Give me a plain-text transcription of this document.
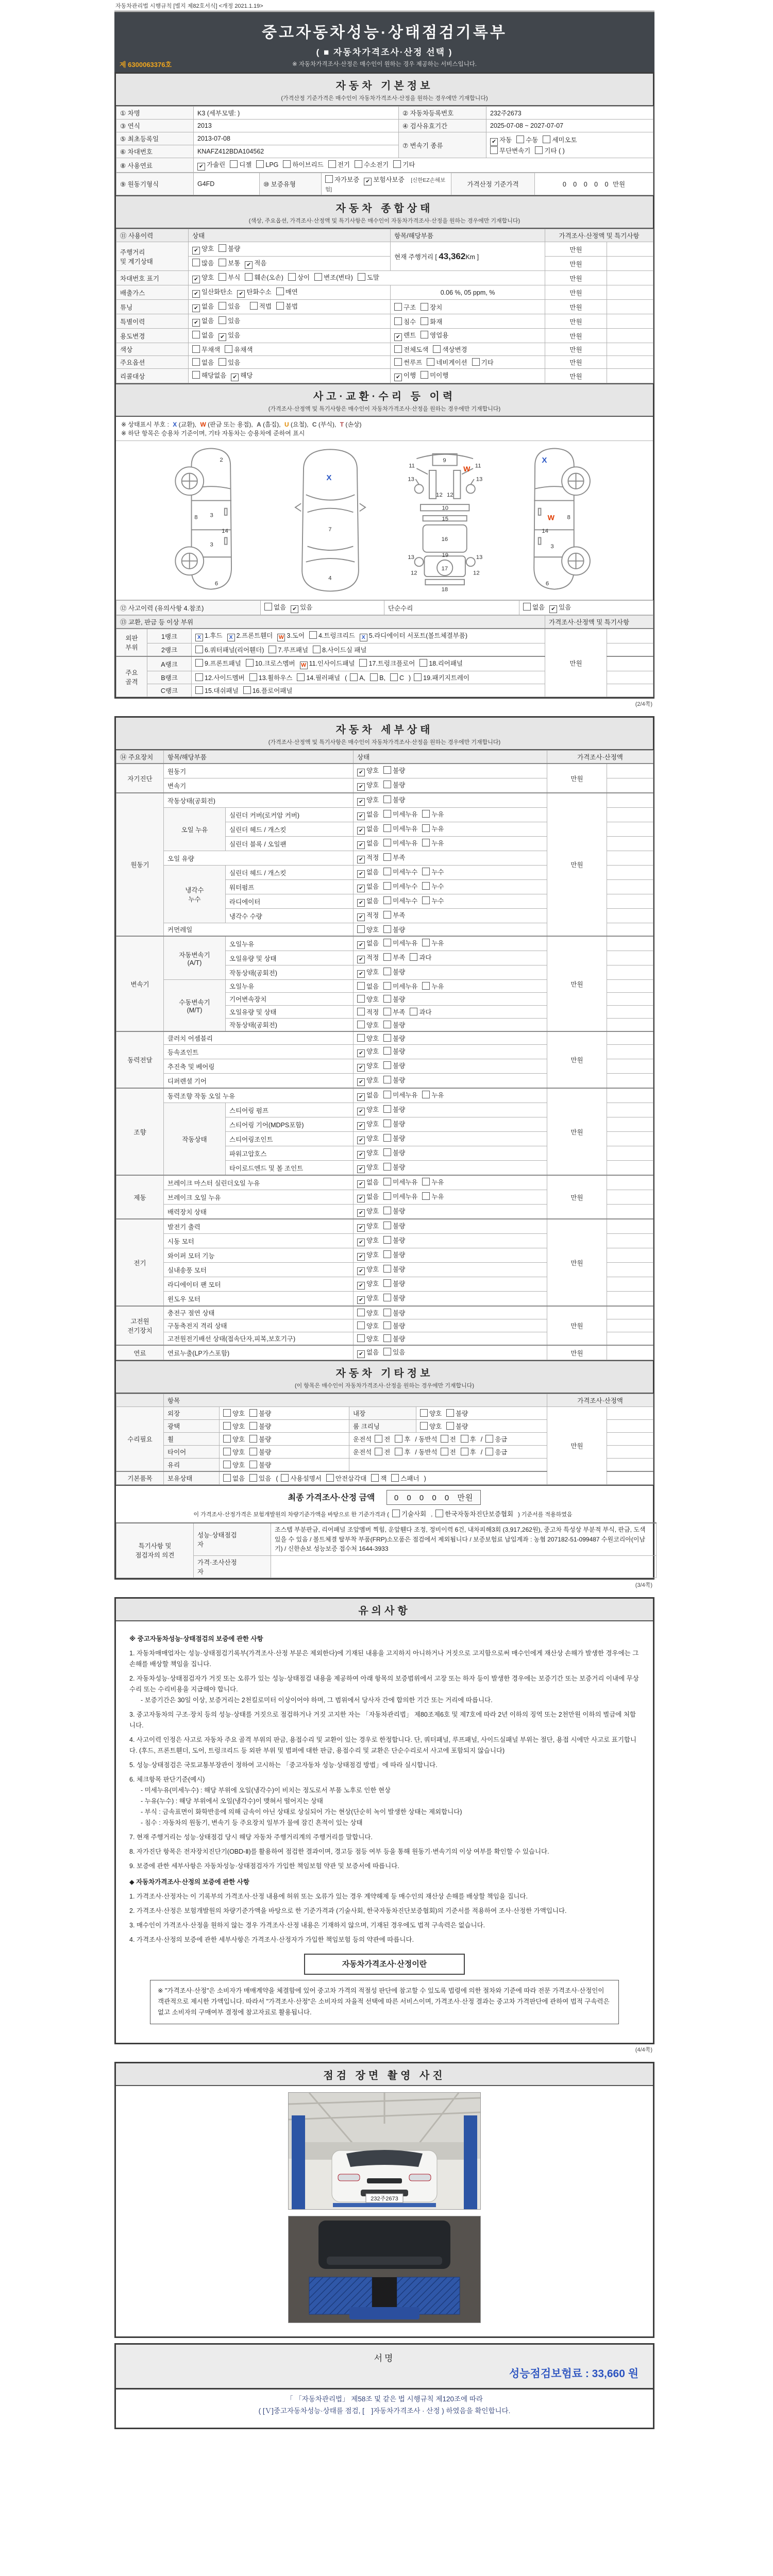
자동차관리법 시행규칙 [별지 제82호서식] <개정 2021.1.19>
중고자동차성능·상태점검기록부
( ■ 자동차가격조사·산정 선택 )
※ 자동차가격조사·산정은 매수인이 원하는 경우 제공하는 서비스입니다.
제 6300063376호
자동차 기본정보
(가격산정 기준가격은 매수인이 자동차가격조사·산정을 원하는 경우에만 기재합니다)
① 차명	K3 (세부모델: )	② 자동차등록번호	232주2673
③ 연식	2013	④ 검사유효기간	2025-07-08 ~ 2027-07-07
⑤ 최초등록일	2013-07-08	⑦ 변속기 종류	✔ 자동 수동 세미오토
무단변속기 기타 ( )
⑥ 차대번호	KNAFZ412BDA104562		
⑧ 사용연료	✔ 가솔린 디젤 LPG 하이브리드 전기 수소전기 기타		
⑨ 원동기형식	G4FD	⑩ 보증유형	자가보증 ✔ 보험사보증 [신한EZ손해보험]	가격산정 기준가격	0 0 0 0 0 만원
자동차 종합상태
(색상, 주요옵션, 가격조사·산정액 및 특기사항은 매수인이 자동차가격조사·산정을 원하는 경우에만 기재합니다)
⑪ 사용이력	상태	항목/해당부품	가격조사·산정액 및 특기사항	
주행거리
및 계기상태	✔ 양호 불량	현재 주행거리 [ 43,362Km ]	만원	
	많음 보통 ✔ 적음		만원	
차대번호 표기	✔ 양호 부식 훼손(오손) 상이 변조(변타) 도말		만원	
배출가스	✔ 일산화탄소 ✔ 탄화수소 매연	0.06 %, 05 ppm, %	만원	
튜닝	✔ 없음 있음 적법 불법	구조 장치	만원	
특별이력	✔ 없음 있음	침수 화재	만원	
용도변경	없음 ✔ 있음	✔ 렌트 영업용	만원	
색상	무채색 유채색	전체도색 색상변경	만원	
주요옵션	없음 있음	썬루프 네비게이션 기타	만원	
리콜대상	해당없음 ✔ 해당	✔ 이행 미이행	만원	
사고·교환·수리 등 이력
(가격조사·산정액 및 특기사항은 매수인이 자동차가격조사·산정을 원하는 경우에만 기재합니다)
※ 상태표시 부호 : X (교환), W (판금 또는 용접), A (흠집), U (요철), C (부식), T (손상)
※ 하단 항목은 승용차 기준이며, 기타 자동차는 승용차에 준하여 표시
2
8 3
14
3
6
7
4
X
11	11
9
13	13
12 12
10
15
16
13	13
19
12	12
17
18
W
8
14
3
6
X
W
⑫ 사고이력 (유의사항 4.참조)	없음 ✔ 있음	단순수리	없음 ✔ 있음
⑬ 교환, 판금 등 이상 부위			가격조사·산정액 및 특기사항	
외판
부위	1랭크	X 1.후드 X 2.프론트휀더 W 3.도어 4.트렁크리드 X 5.라디에이터 서포트(볼트체결부품)	만원	
	2랭크	6.쿼터패널(리어휀더) 7.루프패널 8.사이드실 패널		
주요
골격	A랭크	9.프론트패널 10.크로스멤버 W 11.인사이드패널 17.트렁크플로어 18.리어패널		
	B랭크	12.사이드멤버 13.휠하우스 14.필러패널 ( A, B, C ) 19.패키지트레이		
	C랭크	15.대쉬패널 16.플로어패널		
(2/4쪽)
자동차 세부상태
(가격조사·산정액 및 특기사항은 매수인이 자동차가격조사·산정을 원하는 경우에만 기재합니다)
⑭ 주요장치	항목/해당부품		상태	가격조사·산정액	
자기진단	원동기		✔ 양호 불량	만원	
	변속기		✔ 양호 불량		
원동기	작동상태(공회전)		✔ 양호 불량	만원	
	오일 누유	실린더 커버(로커암 커버)	✔ 없음 미세누유 누유		
		실린더 헤드 / 개스킷	✔ 없음 미세누유 누유		
		실린더 블록 / 오일팬	✔ 없음 미세누유 누유		
	오일 유량		✔ 적정 부족		
	냉각수
누수	실린더 헤드 / 개스킷	✔ 없음 미세누수 누수		
		워터펌프	✔ 없음 미세누수 누수		
		라디에이터	✔ 없음 미세누수 누수		
		냉각수 수량	✔ 적정 부족		
	커먼레일		양호 불량		
변속기	자동변속기
(A/T)	오일누유	✔ 없음 미세누유 누유	만원	
		오일유량 및 상태	✔ 적정 부족 과다		
		작동상태(공회전)	✔ 양호 불량		
	수동변속기
(M/T)	오일누유	없음 미세누유 누유		
		기어변속장치	양호 불량		
		오일유량 및 상태	적정 부족 과다		
		작동상태(공회전)	양호 불량		
동력전달	클러치 어셈블리		양호 불량	만원	
	등속죠인트		✔ 양호 불량		
	추진축 및 베어링		✔ 양호 불량		
	디퍼렌셜 기어		✔ 양호 불량		
조향	동력조향 작동 오일 누유		✔ 없음 미세누유 누유	만원	
	작동상태	스티어링 펌프	✔ 양호 불량		
		스티어링 기어(MDPS포함)	✔ 양호 불량		
		스티어링조인트	✔ 양호 불량		
		파워고압호스	✔ 양호 불량		
		타이로드엔드 및 볼 조인트	✔ 양호 불량		
제동	브레이크 마스터 실린더오일 누유		✔ 없음 미세누유 누유	만원	
	브레이크 오일 누유		✔ 없음 미세누유 누유		
	배력장치 상태		✔ 양호 불량		
전기	발전기 출력		✔ 양호 불량	만원	
	시동 모터		✔ 양호 불량		
	와이퍼 모터 기능		✔ 양호 불량		
	실내송풍 모터		✔ 양호 불량		
	라디에이터 팬 모터		✔ 양호 불량		
	윈도우 모터		✔ 양호 불량		
고전원
전기장치	충전구 절연 상태		양호 불량	만원	
	구동축전지 격리 상태		양호 불량		
	고전원전기배선 상태(접속단자,피복,보호기구)		양호 불량		
연료	연료누출(LP가스포함)		✔ 없음 있음	만원	
자동차 기타정보
(이 항목은 매수인이 자동차가격조사·산정을 원하는 경우에만 기재합니다)
	항목				가격조사·산정액	
수리필요	외장	양호 불량	내장	양호 불량	만원	
	광택	양호 불량	룸 크리닝	양호 불량		
	휠	양호 불량	운전석 전 후 / 동반석 전 후 / 응급			
	타이어	양호 불량	운전석 전 후 / 동반석 전 후 / 응급			
	유리	양호 불량				
기본품목	보유상태	없음 있음 ( 사용설명서 안전삼각대 잭 스패너 )				
최종 가격조사·산정 금액 0 0 0 0 0 만원
이 가격조사·산정가격은 보험개발원의 차량기준가액을 바탕으로 한 기준가격과 ( 기술사회 , 한국자동차진단보증협회 ) 기준서를 적용하였음
특기사항 및
점검자의 의견	성능·상태점검
자	조스텝 부분판금, 리어패널 조앞멤버 찍힘, 운앞휀다 조정, 정비이력 6건, 내차피해3회 (3,917,262원), 중고차 특성상 부분적 부식, 판금, 도색 있을 수 있음 / 볼트체결 탈부착 부품(FRP)소모품은 점검에서 제외됩니다 / 보증보험료 납입계좌 : 농협 207182-51-099487 수원코리아(이남기) / 신한손보 성능보증 접수처 1644-3933
	가격·조사산정
자	
(3/4쪽)
유의사항
※ 중고자동차성능·상태점검의 보증에 관한 사항
1. 자동차매매업자는 성능·상태점검기록부(가격조사·산정 부분은 제외한다)에 기재된 내용을 고지하지 아니하거나 거짓으로 고지함으로써 매수인에게 재산상 손해가 발생한 경우에는 그 손해를 배상할 책임을 집니다.
2. 자동차성능·상태점검자가 거짓 또는 오류가 있는 성능·상태점검 내용을 제공하여 아래 항목의 보증범위에서 고장 또는 하자 등이 발생한 경우에는 보증기간 또는 보증거리 이내에 무상수리 또는 수리비용을 지급해야 합니다.
- 보증기간은 30일 이상, 보증거리는 2천킬로미터 이상이어야 하며, 그 범위에서 당사자 간에 합의한 기간 또는 거리에 따릅니다.
3. 중고자동차의 구조·장치 등의 성능·상태를 거짓으로 점검하거나 거짓 고지한 자는 「자동차관리법」 제80조제6호 및 제7호에 따라 2년 이하의 징역 또는 2천만원 이하의 벌금에 처합니다.
4. 사고이력 인정은 사고로 자동차 주요 골격 부위의 판금, 용접수리 및 교환이 있는 경우로 한정합니다. 단, 쿼터패널, 루프패널, 사이드실패널 부위는 절단, 용접 시에만 사고로 표기합니다. (후드, 프론트휀더, 도어, 트렁크리드 등 외판 부위 및 범퍼에 대한 판금, 용접수리 및 교환은 단순수리로서 사고에 포함되지 않습니다)
5. 성능·상태점검은 국토교통부장관이 정하여 고시하는 「중고자동차 성능·상태점검 방법」에 따라 실시합니다.
6. 체크항목 판단기준(예시)
- 미세누유(미세누수) : 해당 부위에 오일(냉각수)이 비치는 정도로서 부품 노후로 인한 현상
- 누유(누수) : 해당 부위에서 오일(냉각수)이 맺혀서 떨어지는 상태
- 부식 : 금속표면이 화학반응에 의해 금속이 아닌 상태로 상실되어 가는 현상(단순히 녹이 발생한 상태는 제외합니다)
- 침수 : 자동차의 원동기, 변속기 등 주요장치 일부가 물에 잠긴 흔적이 있는 상태
7. 현재 주행거리는 성능·상태점검 당시 해당 자동차 주행거리계의 주행거리를 말합니다.
8. 자가진단 항목은 전자장치진단기(OBD-Ⅱ)를 활용하여 점검한 결과이며, 경고등 점등 여부 등을 통해 원동기·변속기의 이상 여부를 확인할 수 있습니다.
9. 보증에 관한 세부사항은 자동차성능·상태점검자가 가입한 책임보험 약관 및 보증서에 따릅니다.
◆ 자동차가격조사·산정의 보증에 관한 사항
1. 가격조사·산정자는 이 기록부의 가격조사·산정 내용에 허위 또는 오류가 있는 경우 계약해제 등 매수인의 재산상 손해를 배상할 책임을 집니다.
2. 가격조사·산정은 보험개발원의 차량기준가액을 바탕으로 한 기준가격과 (기술사회, 한국자동차진단보증협회)의 기준서를 적용하여 조사·산정한 가액입니다.
3. 매수인이 가격조사·산정을 원하지 않는 경우 가격조사·산정 내용은 기재하지 않으며, 기재된 경우에도 법적 구속력은 없습니다.
4. 가격조사·산정의 보증에 관한 세부사항은 가격조사·산정자가 가입한 책임보험 등의 약관에 따릅니다.
자동차가격조사·산정이란
※ "가격조사·산정"은 소비자가 매매계약을 체결함에 있어 중고차 가격의 적절성 판단에 참고할 수 있도록 법령에 의한 절차와 기준에 따라 전문 가격조사·산정인이 객관적으로 제시한 가액입니다. 따라서 "가격조사·산정"은 소비자의 자율적 선택에 따른 서비스이며, 가격조사·산정 결과는 중고차 가격판단에 관하여 법적 구속력은 없고 소비자의 구매여부 결정에 참고자료로 활용됩니다.
(4/4쪽)
점검 장면 촬영 사진
232주2673
서명
성능점검보험료 : 33,660 원
「 「자동차관리법」 제58조 및 같은 법 시행규칙 제120조에 따라
( [Ｖ]중고자동차성능·상태를 점검, [　]자동차가격조사 · 산정 ) 하였음을 확인합니다.
